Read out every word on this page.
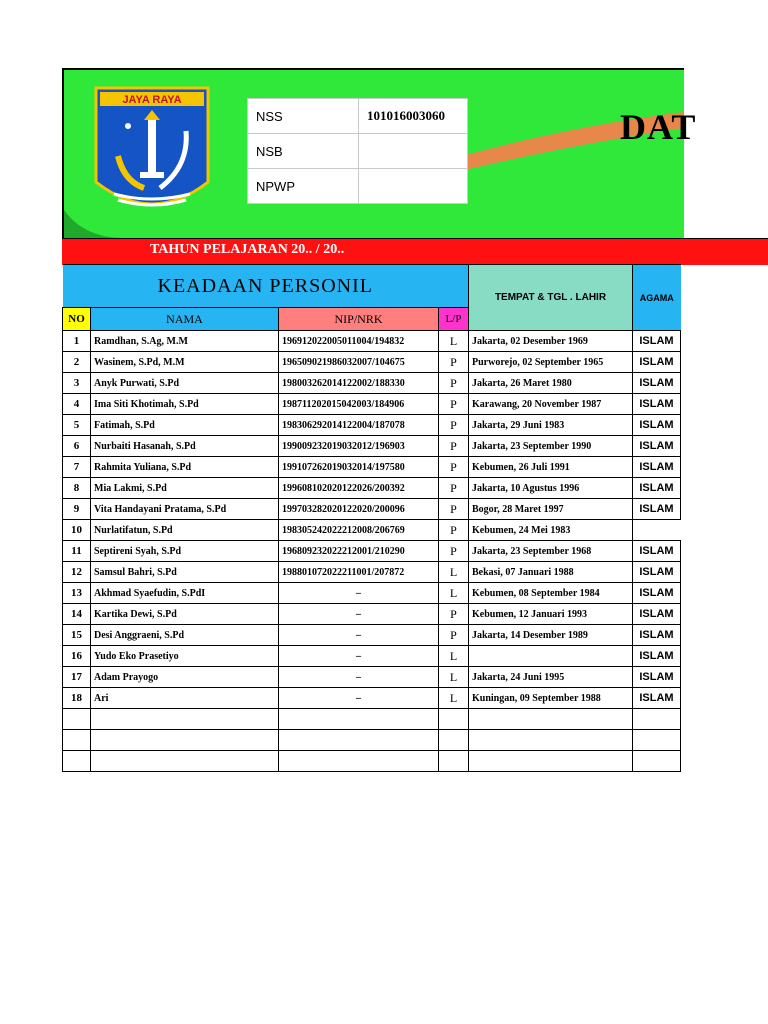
JAYA RAYA
NSS	101016003060
NSB	
NPWP	
DAT
TAHUN PELAJARAN 20.. / 20..
KEADAAN PERSONIL				TEMPAT & TGL . LAHIR	AGAMA
NO	NAMA	NIP/NRK	L/P		
1	Ramdhan, S.Ag, M.M	196912022005011004/194832	L	Jakarta, 02 Desember 1969	ISLAM
2	Wasinem, S.Pd, M.M	196509021986032007/104675	P	Purworejo, 02 September 1965	ISLAM
3	Anyk Purwati, S.Pd	198003262014122002/188330	P	Jakarta, 26 Maret 1980	ISLAM
4	Ima Siti Khotimah, S.Pd	198711202015042003/184906	P	Karawang, 20 November 1987	ISLAM
5	Fatimah, S.Pd	198306292014122004/187078	P	Jakarta, 29 Juni 1983	ISLAM
6	Nurbaiti Hasanah, S.Pd	199009232019032012/196903	P	Jakarta, 23 September 1990	ISLAM
7	Rahmita Yuliana, S.Pd	199107262019032014/197580	P	Kebumen, 26 Juli 1991	ISLAM
8	Mia Lakmi, S.Pd	199608102020122026/200392	P	Jakarta, 10 Agustus 1996	ISLAM
9	Vita Handayani Pratama, S.Pd	199703282020122020/200096	P	Bogor, 28 Maret 1997	ISLAM
10	Nurlatifatun, S.Pd	198305242022212008/206769	P	Kebumen, 24 Mei 1983	
11	Septireni Syah, S.Pd	196809232022212001/210290	P	Jakarta, 23 September 1968	ISLAM
12	Samsul Bahri, S.Pd	198801072022211001/207872	L	Bekasi, 07 Januari 1988	ISLAM
13	Akhmad Syaefudin, S.PdI	–	L	Kebumen, 08 September 1984	ISLAM
14	Kartika Dewi, S.Pd	–	P	Kebumen, 12 Januari 1993	ISLAM
15	Desi Anggraeni, S.Pd	–	P	Jakarta, 14 Desember 1989	ISLAM
16	Yudo Eko Prasetiyo	–	L		ISLAM
17	Adam Prayogo	–	L	Jakarta, 24 Juni 1995	ISLAM
18	Ari	–	L	Kuningan, 09 September 1988	ISLAM
